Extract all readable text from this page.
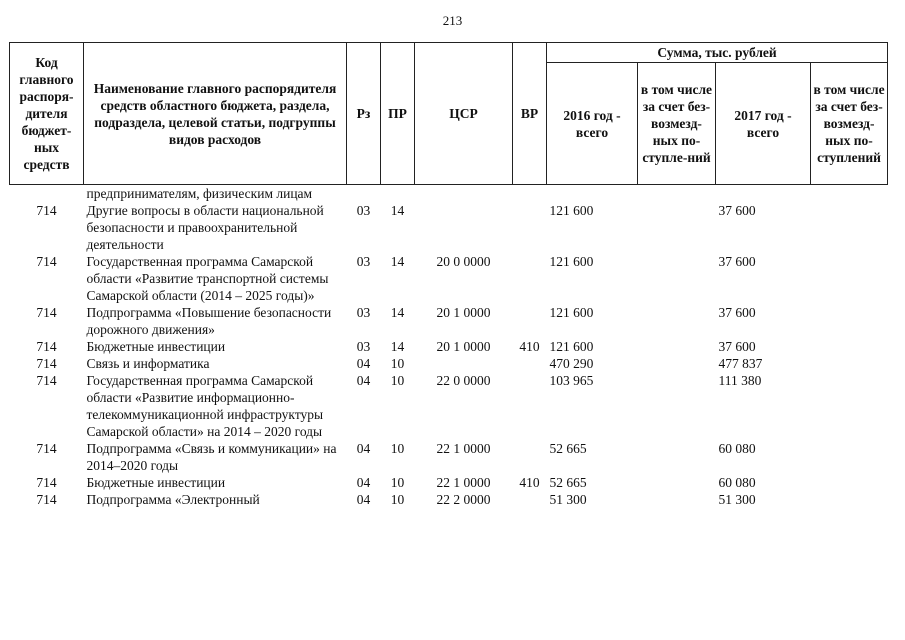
213
Код главного распоря-дителя бюджет-ных средств	Наименование главного распорядителя средств областного бюджета, раздела, подраздела, целевой статьи, подгруппы видов расходов	Рз	ПР	ЦСР	ВР	Сумма, тыс. рублей			
						2016 год - всего	в том числе за счет без-возмезд-ных по-ступле-ний	2017 год - всего	в том числе за счет без-возмезд-ных по-ступлений
	предпринимателям, физическим лицам								
714	Другие вопросы в области национальной безопасности и правоохранительной деятельности	03	14			121 600		37 600	
714	Государственная программа Самарской области «Развитие транспортной системы Самарской области (2014 – 2025 годы)»	03	14	20 0 0000		121 600		37 600	
714	Подпрограмма «Повышение безопасности дорожного движения»	03	14	20 1 0000		121 600		37 600	
714	Бюджетные инвестиции	03	14	20 1 0000	410	121 600		37 600	
714	Связь и информатика	04	10			470 290		477 837	
714	Государственная программа Самарской области «Развитие информационно-телекоммуникационной инфраструктуры Самарской области» на 2014 – 2020 годы	04	10	22 0 0000		103 965		111 380	
714	Подпрограмма «Связь и коммуникации» на 2014–2020 годы	04	10	22 1 0000		52 665		60 080	
714	Бюджетные инвестиции	04	10	22 1 0000	410	52 665		60 080	
714	Подпрограмма «Электронный	04	10	22 2 0000		51 300		51 300	
